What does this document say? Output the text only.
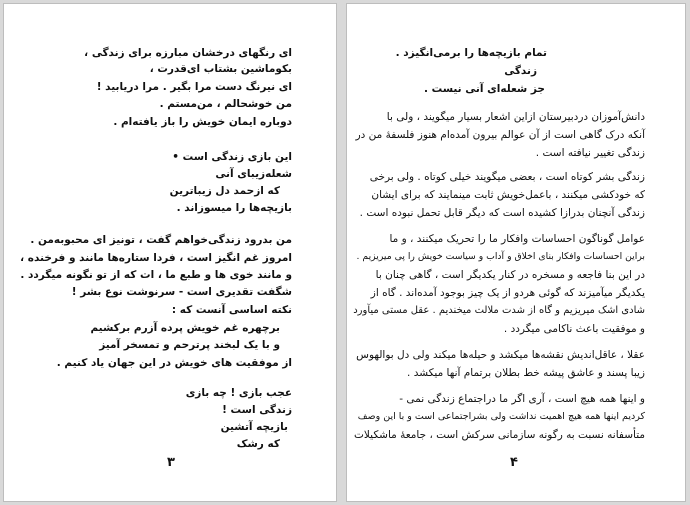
ای رنگهای درخشان مبارزه برای زندگی ،
بکوماشین بشتاب ای‌قدرت ،
ای نیرنگ دست مرا بگیر . مرا دریابید !
من خوشحالم ، من‌مستم .
دوباره ایمان خویش را باز یافته‌ام .
این بازی زندگی است •
شعله‌زیبای آنی
که ازحمد دل زیباترین
بازیچه‌ها را میسوزاند .
من بدرود زندگی‌خواهم گفت ، تونیز ای محبوبه‌من .
امروز غم انگیز است ، فردا ستاره‌ها مانند و فرخنده ،
و مانند خوی ها و طبع ما ، ات که از تو نگونه میگردد .
شگفت تقدیری است - سرنوشت نوع بشر !
نکته اساسی آنست که :
برچهره غم خویش پرده آزرم برکشیم
و با یک لبخند پرترحم و تمسخر آمیز
از موفقیت های خویش در این جهان یاد کنیم .
عجب بازی ! چه بازی
زندگی است !
بازیچه آتشین
که رشک
۳
تمام بازیچه‌ها را برمی‌انگیزد .
زندگی
جز شعله‌ای آنی نیست .
دانش‌آموزان دردبیرستان ازاین اشعار بسیار میگویند ، ولی با
آنکه درک گاهی است از آن عوالم بیرون آمده‌ام هنوز فلسفهٔ من در
زندگی تغییر نیافته است .
زندگی بشر کوتاه است ، بعضی میگویند خیلی کوتاه . ولی برخی
که خودکشی میکنند ، باعمل‌خویش ثابت مینمایند که برای ایشان
زندگی آنچنان بدرازا کشیده است که دیگر قابل تحمل نبوده است .
عوامل گوناگون احساسات وافکار ما را تحریک میکنند ، و ما
براین احساسات وافکار بنای اخلاق و آداب و سیاست خویش را پی میریزیم .
در این بنا فاجعه و مسخره در کنار یکدیگر است ، گاهی چنان با
یکدیگر میآمیزند که گوئی هردو از یک چیز بوجود آمده‌اند . گاه از
شادی اشک میریزیم و گاه از شدت ملالت میخندیم . عقل مستی میآورد
و موفقیت باعث ناکامی میگردد .
عقلا ، عاقل‌اندیش نقشه‌ها میکشد و حیله‌ها میکند ولی دل بوالهوس
زیبا پسند و عاشق پیشه خط بطلان برتمام آنها میکشد .
و اینها همه هیچ است ، آری اگر ما دراجتماع زندگی نمی -
کردیم اینها همه هیچ اهمیت نداشت ولی بشراجتماعی است و با این وصف
متأسفانه نسبت به رگونه سازمانی سرکش است ، جامعهٔ ماشکیلات
۴
